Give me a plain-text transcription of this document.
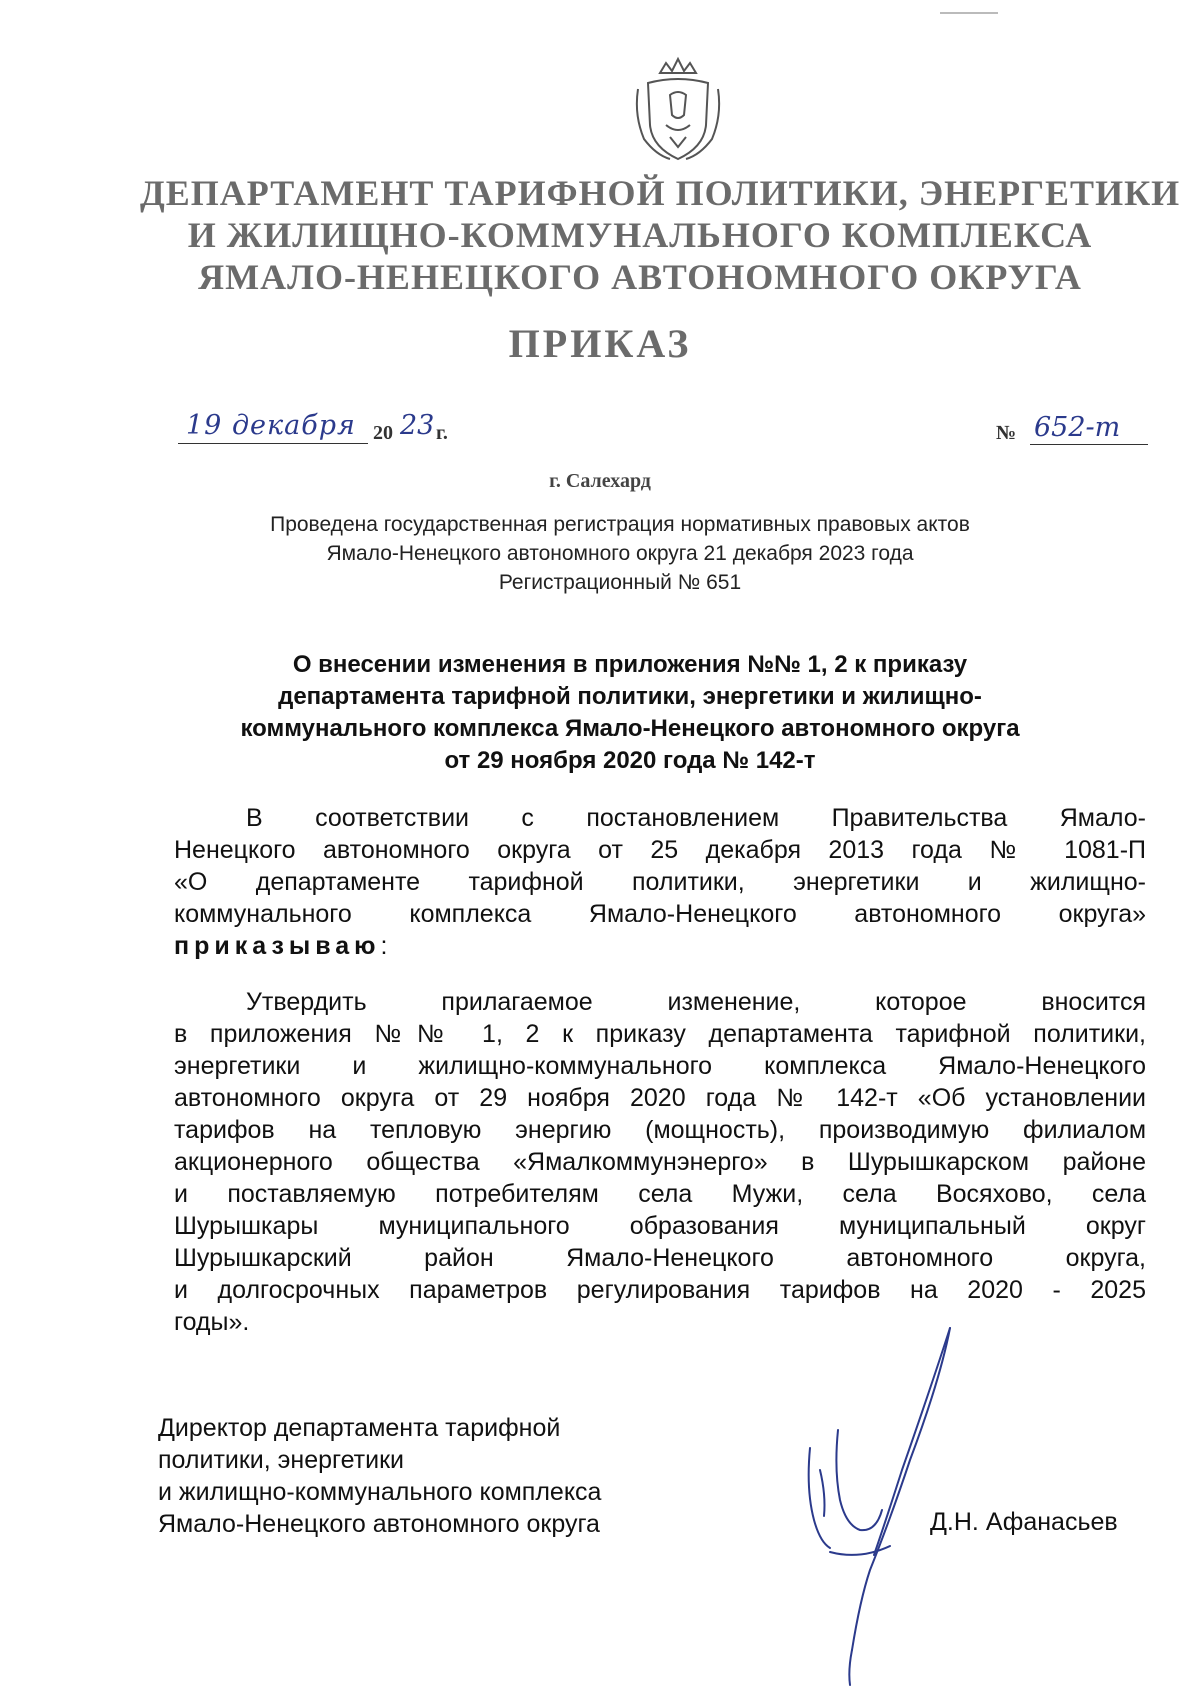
ДЕПАРТАМЕНТ ТАРИФНОЙ ПОЛИТИКИ, ЭНЕРГЕТИКИ
И ЖИЛИЩНО-КОММУНАЛЬНОГО КОМПЛЕКСА
ЯМАЛО-НЕНЕЦКОГО АВТОНОМНОГО ОКРУГА
ПРИКАЗ
19 декабря 20 23 г.	№ 652-т
г. Салехард
Проведена государственная регистрация нормативных правовых актов
Ямало-Ненецкого автономного округа 21 декабря 2023 года
Регистрационный № 651
О внесении изменения в приложения №№ 1, 2 к приказу
департамента тарифной политики, энергетики и жилищно-
коммунального комплекса Ямало-Ненецкого автономного округа
от 29 ноября 2020 года № 142-т
В соответствии с постановлением Правительства Ямало-
Ненецкого автономного округа от 25 декабря 2013 года № 1081-П
«О департаменте тарифной политики, энергетики и жилищно-
коммунального комплекса Ямало-Ненецкого автономного округа»
приказываю:
Утвердить прилагаемое изменение, которое вносится
в приложения №№ 1, 2 к приказу департамента тарифной политики,
энергетики и жилищно-коммунального комплекса Ямало-Ненецкого
автономного округа от 29 ноября 2020 года № 142-т «Об установлении
тарифов на тепловую энергию (мощность), производимую филиалом
акционерного общества «Ямалкоммунэнерго» в Шурышкарском районе
и поставляемую потребителям села Мужи, села Восяхово, села
Шурышкары муниципального образования муниципальный округ
Шурышкарский район Ямало-Ненецкого автономного округа,
и долгосрочных параметров регулирования тарифов на 2020 - 2025
годы».
Директор департамента тарифной
политики, энергетики
и жилищно-коммунального комплекса
Ямало-Ненецкого автономного округа	Д.Н. Афанасьев
